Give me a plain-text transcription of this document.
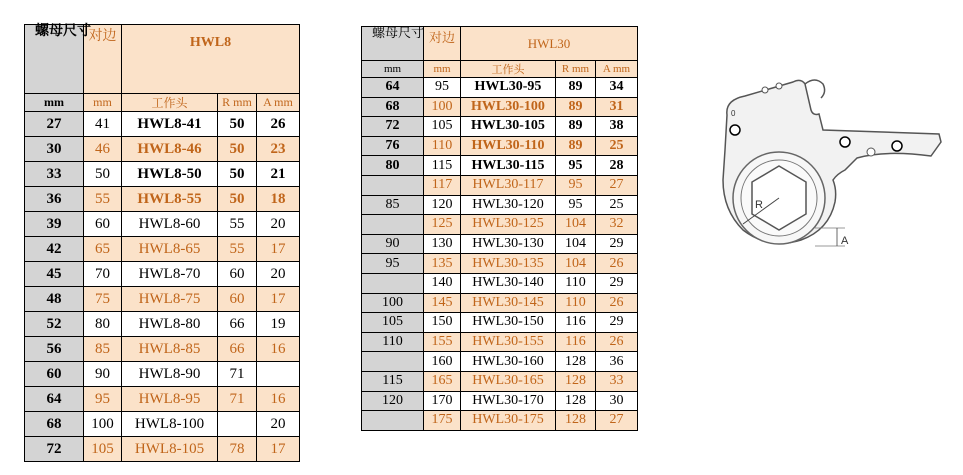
螺母尺寸	对边	HWL8		
mm	mm	工作头	R mm	A mm
27	41	HWL8-41	50	26
30	46	HWL8-46	50	23
33	50	HWL8-50	50	21
36	55	HWL8-55	50	18
39	60	HWL8-60	55	20
42	65	HWL8-65	55	17
45	70	HWL8-70	60	20
48	75	HWL8-75	60	17
52	80	HWL8-80	66	19
56	85	HWL8-85	66	16
60	90	HWL8-90	71	
64	95	HWL8-95	71	16
68	100	HWL8-100		20
72	105	HWL8-105	78	17
螺母尺寸	对边	HWL30		
mm	mm	工作头	R mm	A mm
64	95	HWL30-95	89	34
68	100	HWL30-100	89	31
72	105	HWL30-105	89	38
76	110	HWL30-110	89	25
80	115	HWL30-115	95	28
	117	HWL30-117	95	27
85	120	HWL30-120	95	25
	125	HWL30-125	104	32
90	130	HWL30-130	104	29
95	135	HWL30-135	104	26
	140	HWL30-140	110	29
100	145	HWL30-145	110	26
105	150	HWL30-150	116	29
110	155	HWL30-155	116	26
	160	HWL30-160	128	36
115	165	HWL30-165	128	33
120	170	HWL30-170	128	30
	175	HWL30-175	128	27
R
0
A
